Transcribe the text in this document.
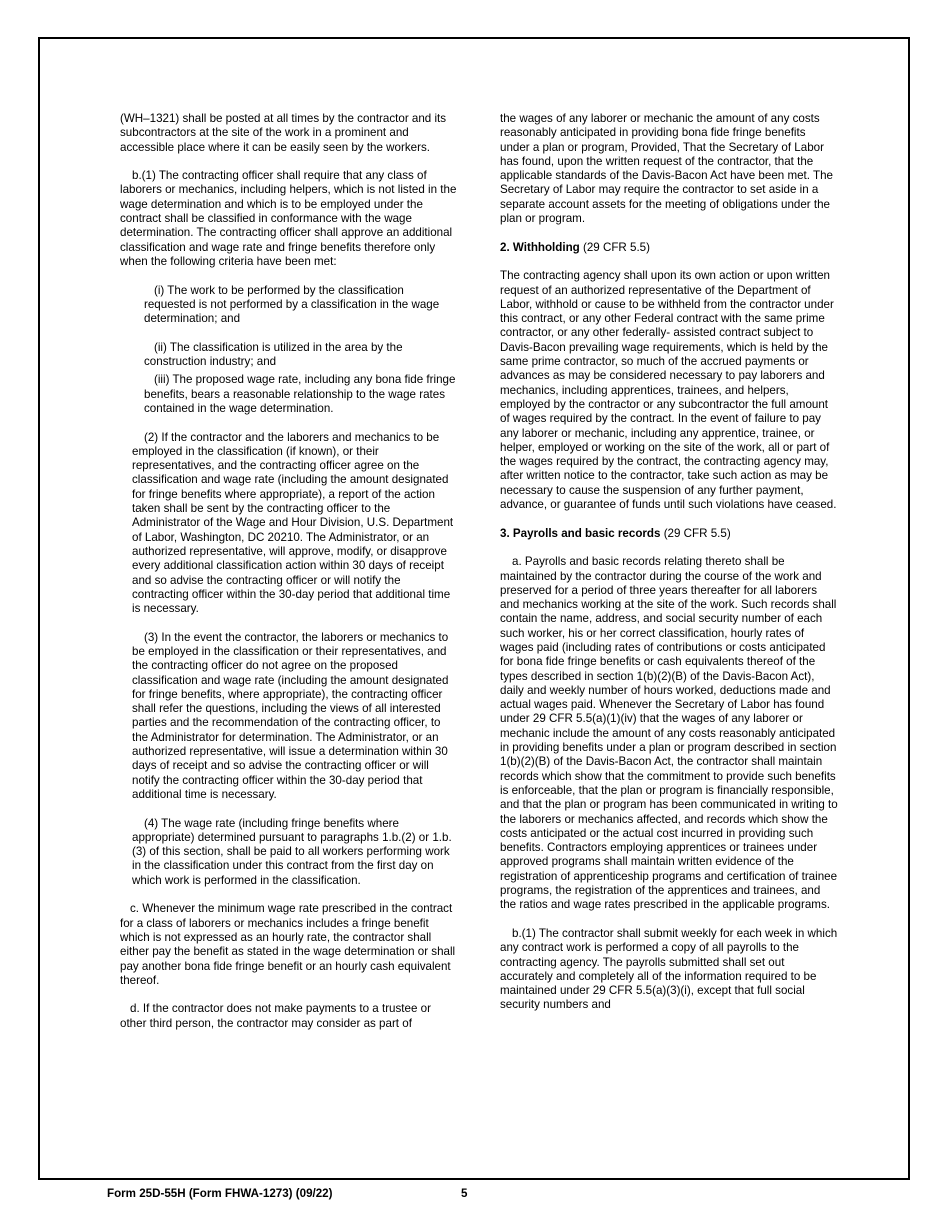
(WH–1321) shall be posted at all times by the contractor and its subcontractors at the site of the work in a prominent and accessible place where it can be easily seen by the workers.

b.(1) The contracting officer shall require that any class of laborers or mechanics, including helpers, which is not listed in the wage determination and which is to be employed under the contract shall be classified in conformance with the wage determination. The contracting officer shall approve an additional classification and wage rate and fringe benefits therefore only when the following criteria have been met:

(i) The work to be performed by the classification requested is not performed by a classification in the wage determination; and

(ii) The classification is utilized in the area by the construction industry; and

(iii) The proposed wage rate, including any bona fide fringe benefits, bears a reasonable relationship to the wage rates contained in the wage determination.

(2) If the contractor and the laborers and mechanics to be employed in the classification (if known), or their representatives, and the contracting officer agree on the classification and wage rate (including the amount designated for fringe benefits where appropriate), a report of the action taken shall be sent by the contracting officer to the Administrator of the Wage and Hour Division, U.S. Department of Labor, Washington, DC 20210. The Administrator, or an authorized representative, will approve, modify, or disapprove every additional classification action within 30 days of receipt and so advise the contracting officer or will notify the contracting officer within the 30-day period that additional time is necessary.

(3) In the event the contractor, the laborers or mechanics to be employed in the classification or their representatives, and the contracting officer do not agree on the proposed classification and wage rate (including the amount designated for fringe benefits, where appropriate), the contracting officer shall refer the questions, including the views of all interested parties and the recommendation of the contracting officer, to the Administrator for determination. The Administrator, or an authorized representative, will issue a determination within 30 days of receipt and so advise the contracting officer or will notify the contracting officer within the 30-day period that additional time is necessary.

(4) The wage rate (including fringe benefits where appropriate) determined pursuant to paragraphs 1.b.(2) or 1.b.(3) of this section, shall be paid to all workers performing work in the classification under this contract from the first day on which work is performed in the classification.

c. Whenever the minimum wage rate prescribed in the contract for a class of laborers or mechanics includes a fringe benefit which is not expressed as an hourly rate, the contractor shall either pay the benefit as stated in the wage determination or shall pay another bona fide fringe benefit or an hourly cash equivalent thereof.

d. If the contractor does not make payments to a trustee or other third person, the contractor may consider as part of

the wages of any laborer or mechanic the amount of any costs reasonably anticipated in providing bona fide fringe benefits under a plan or program, Provided, That the Secretary of Labor has found, upon the written request of the contractor, that the applicable standards of the Davis-Bacon Act have been met. The Secretary of Labor may require the contractor to set aside in a separate account assets for the meeting of obligations under the plan or program.

2. Withholding (29 CFR 5.5)

The contracting agency shall upon its own action or upon written request of an authorized representative of the Department of Labor, withhold or cause to be withheld from the contractor under this contract, or any other Federal contract with the same prime contractor, or any other federally- assisted contract subject to Davis-Bacon prevailing wage requirements, which is held by the same prime contractor, so much of the accrued payments or advances as may be considered necessary to pay laborers and mechanics, including apprentices, trainees, and helpers, employed by the contractor or any subcontractor the full amount of wages required by the contract. In the event of failure to pay any laborer or mechanic, including any apprentice, trainee, or helper, employed or working on the site of the work, all or part of the wages required by the contract, the contracting agency may, after written notice to the contractor, take such action as may be necessary to cause the suspension of any further payment, advance, or guarantee of funds until such violations have ceased.

3. Payrolls and basic records (29 CFR 5.5)

a. Payrolls and basic records relating thereto shall be maintained by the contractor during the course of the work and preserved for a period of three years thereafter for all laborers and mechanics working at the site of the work. Such records shall contain the name, address, and social security number of each such worker, his or her correct classification, hourly rates of wages paid (including rates of contributions or costs anticipated for bona fide fringe benefits or cash equivalents thereof of the types described in section 1(b)(2)(B) of the Davis-Bacon Act), daily and weekly number of hours worked, deductions made and actual wages paid. Whenever the Secretary of Labor has found under 29 CFR 5.5(a)(1)(iv) that the wages of any laborer or mechanic include the amount of any costs reasonably anticipated in providing benefits under a plan or program described in section 1(b)(2)(B) of the Davis-Bacon Act, the contractor shall maintain records which show that the commitment to provide such benefits is enforceable, that the plan or program is financially responsible, and that the plan or program has been communicated in writing to the laborers or mechanics affected, and records which show the costs anticipated or the actual cost incurred in providing such benefits. Contractors employing apprentices or trainees under approved programs shall maintain written evidence of the registration of apprenticeship programs and certification of trainee programs, the registration of the apprentices and trainees, and the ratios and wage rates prescribed in the applicable programs.

b.(1) The contractor shall submit weekly for each week in which any contract work is performed a copy of all payrolls to the contracting agency. The payrolls submitted shall set out accurately and completely all of the information required to be maintained under 29 CFR 5.5(a)(3)(i), except that full social security numbers and

Form 25D-55H (Form FHWA-1273) (09/22)	5
